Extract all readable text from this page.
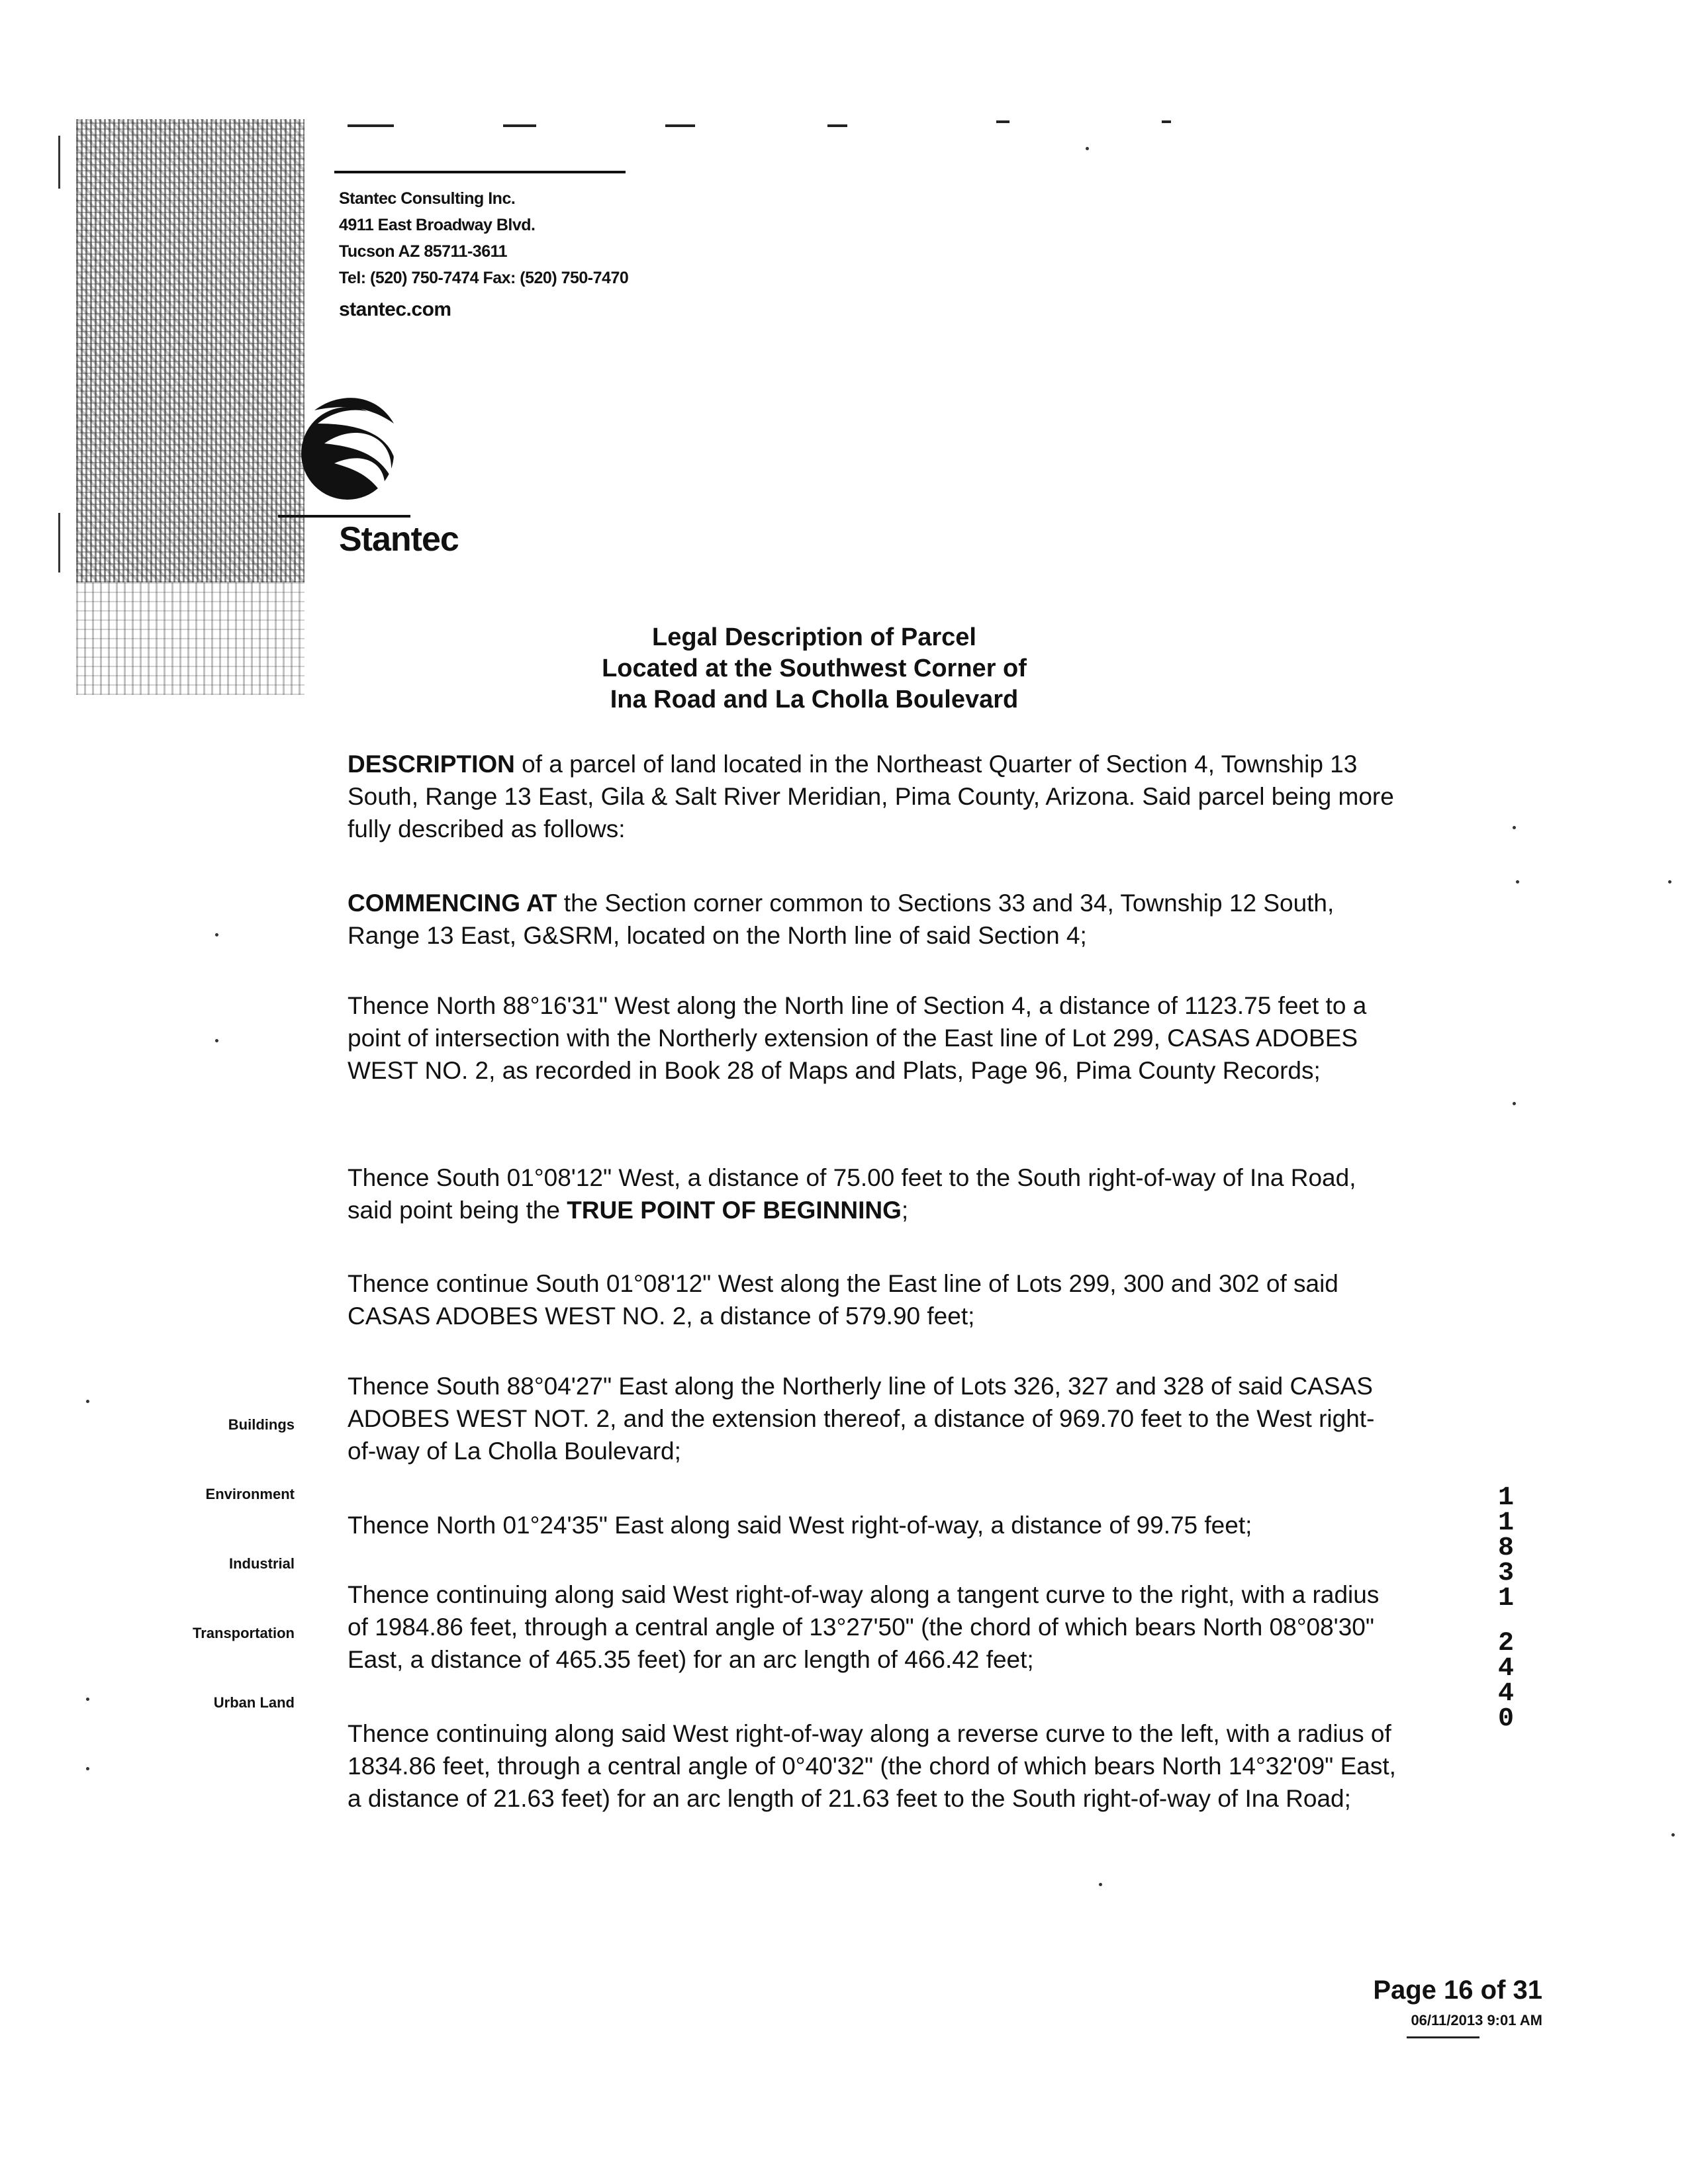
Stantec Consulting Inc.
4911 East Broadway Blvd.
Tucson AZ 85711-3611
Tel: (520) 750-7474 Fax: (520) 750-7470
stantec.com
Stantec
Legal Description of Parcel
Located at the Southwest Corner of
Ina Road and La Cholla Boulevard
DESCRIPTION of a parcel of land located in the Northeast Quarter of Section 4, Township 13 South, Range 13 East, Gila & Salt River Meridian, Pima County, Arizona. Said parcel being more fully described as follows:
COMMENCING AT the Section corner common to Sections 33 and 34, Township 12 South, Range 13 East, G&SRM, located on the North line of said Section 4;
Thence North 88°16'31" West along the North line of Section 4, a distance of 1123.75 feet to a point of intersection with the Northerly extension of the East line of Lot 299, CASAS ADOBES WEST NO. 2, as recorded in Book 28 of Maps and Plats, Page 96, Pima County Records;
Thence South 01°08'12" West, a distance of 75.00 feet to the South right-of-way of Ina Road, said point being the TRUE POINT OF BEGINNING;
Thence continue South 01°08'12" West along the East line of Lots 299, 300 and 302 of said CASAS ADOBES WEST NO. 2, a distance of 579.90 feet;
Thence South 88°04'27" East along the Northerly line of Lots 326, 327 and 328 of said CASAS ADOBES WEST NOT. 2, and the extension thereof, a distance of 969.70 feet to the West right-of-way of La Cholla Boulevard;
Thence North 01°24'35" East along said West right-of-way, a distance of 99.75 feet;
Thence continuing along said West right-of-way along a tangent curve to the right, with a radius of 1984.86 feet, through a central angle of 13°27'50" (the chord of which bears North 08°08'30" East, a distance of 465.35 feet) for an arc length of 466.42 feet;
Thence continuing along said West right-of-way along a reverse curve to the left, with a radius of 1834.86 feet, through a central angle of 0°40'32" (the chord of which bears North 14°32'09" East, a distance of 21.63 feet) for an arc length of 21.63 feet to the South right-of-way of Ina Road;
Buildings
Environment
Industrial
Transportation
Urban Land
1
1
8
3
1
2
4
4
0
Page 16 of 31
06/11/2013 9:01 AM
